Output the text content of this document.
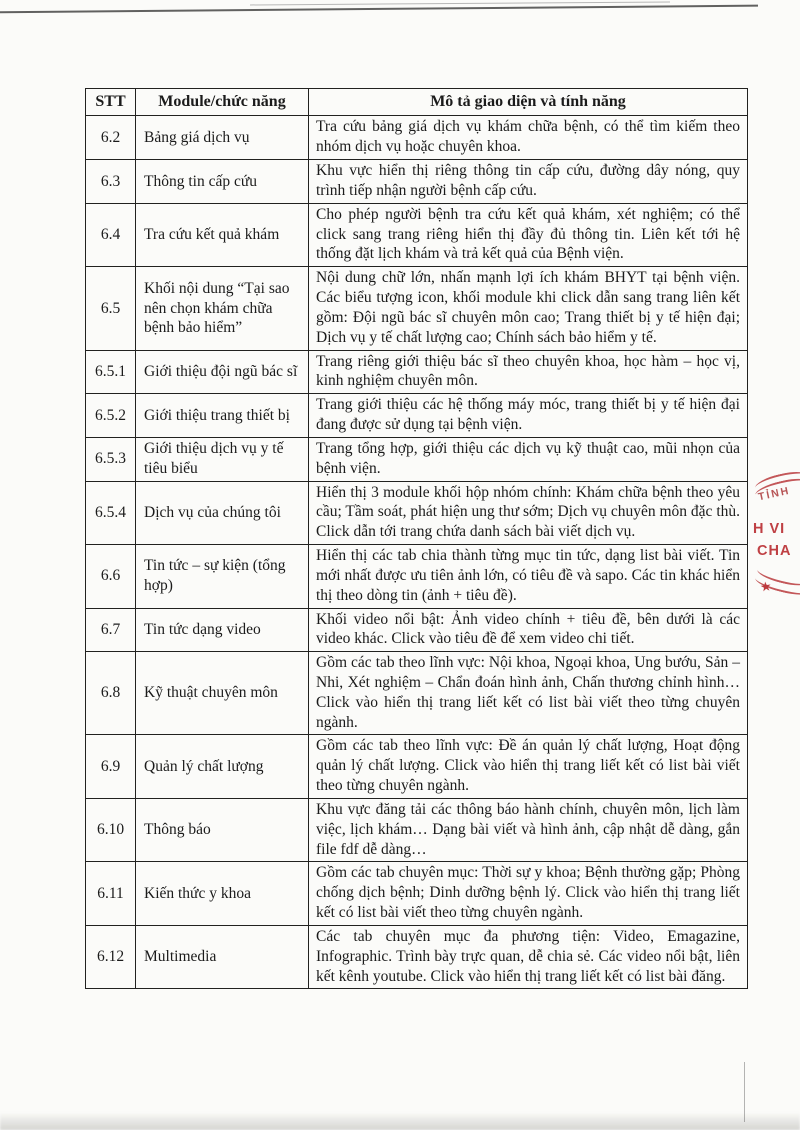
STT	Module/chức năng	Mô tả giao diện và tính năng
6.2	Bảng giá dịch vụ	Tra cứu bảng giá dịch vụ khám chữa bệnh, có thể tìm kiếm theo nhóm dịch vụ hoặc chuyên khoa.
6.3	Thông tin cấp cứu	Khu vực hiển thị riêng thông tin cấp cứu, đường dây nóng, quy trình tiếp nhận người bệnh cấp cứu.
6.4	Tra cứu kết quả khám	Cho phép người bệnh tra cứu kết quả khám, xét nghiệm; có thể click sang trang riêng hiển thị đầy đủ thông tin. Liên kết tới hệ thống đặt lịch khám và trả kết quả của Bệnh viện.
6.5	Khối nội dung “Tại sao nên chọn khám chữa bệnh bảo hiểm”	Nội dung chữ lớn, nhấn mạnh lợi ích khám BHYT tại bệnh viện. Các biểu tượng icon, khối module khi click dẫn sang trang liên kết gồm: Đội ngũ bác sĩ chuyên môn cao; Trang thiết bị y tế hiện đại; Dịch vụ y tế chất lượng cao; Chính sách bảo hiểm y tế.
6.5.1	Giới thiệu đội ngũ bác sĩ	Trang riêng giới thiệu bác sĩ theo chuyên khoa, học hàm – học vị, kinh nghiệm chuyên môn.
6.5.2	Giới thiệu trang thiết bị	Trang giới thiệu các hệ thống máy móc, trang thiết bị y tế hiện đại đang được sử dụng tại bệnh viện.
6.5.3	Giới thiệu dịch vụ y tế tiêu biểu	Trang tổng hợp, giới thiệu các dịch vụ kỹ thuật cao, mũi nhọn của bệnh viện.
6.5.4	Dịch vụ của chúng tôi	Hiển thị 3 module khối hộp nhóm chính: Khám chữa bệnh theo yêu cầu; Tầm soát, phát hiện ung thư sớm; Dịch vụ chuyên môn đặc thù. Click dẫn tới trang chứa danh sách bài viết dịch vụ.
6.6	Tin tức – sự kiện (tổng hợp)	Hiển thị các tab chia thành từng mục tin tức, dạng list bài viết. Tin mới nhất được ưu tiên ảnh lớn, có tiêu đề và sapo. Các tin khác hiển thị theo dòng tin (ảnh + tiêu đề).
6.7	Tin tức dạng video	Khối video nổi bật: Ảnh video chính + tiêu đề, bên dưới là các video khác. Click vào tiêu đề để xem video chi tiết.
6.8	Kỹ thuật chuyên môn	Gồm các tab theo lĩnh vực: Nội khoa, Ngoại khoa, Ung bướu, Sản – Nhi, Xét nghiệm – Chẩn đoán hình ảnh, Chấn thương chỉnh hình… Click vào hiển thị trang liết kết có list bài viết theo từng chuyên ngành.
6.9	Quản lý chất lượng	Gồm các tab theo lĩnh vực: Đề án quản lý chất lượng, Hoạt động quản lý chất lượng. Click vào hiển thị trang liết kết có list bài viết theo từng chuyên ngành.
6.10	Thông báo	Khu vực đăng tải các thông báo hành chính, chuyên môn, lịch làm việc, lịch khám… Dạng bài viết và hình ảnh, cập nhật dễ dàng, gắn file fdf dễ dàng…
6.11	Kiến thức y khoa	Gồm các tab chuyên mục: Thời sự y khoa; Bệnh thường gặp; Phòng chống dịch bệnh; Dinh dưỡng bệnh lý. Click vào hiển thị trang liết kết có list bài viết theo từng chuyên ngành.
6.12	Multimedia	Các tab chuyên mục đa phương tiện: Video, Emagazine, Infographic. Trình bày trực quan, dễ chia sẻ. Các video nổi bật, liên kết kênh youtube. Click vào hiển thị trang liết kết có list bài đăng.
TỈNH
H VI
CHA
★
